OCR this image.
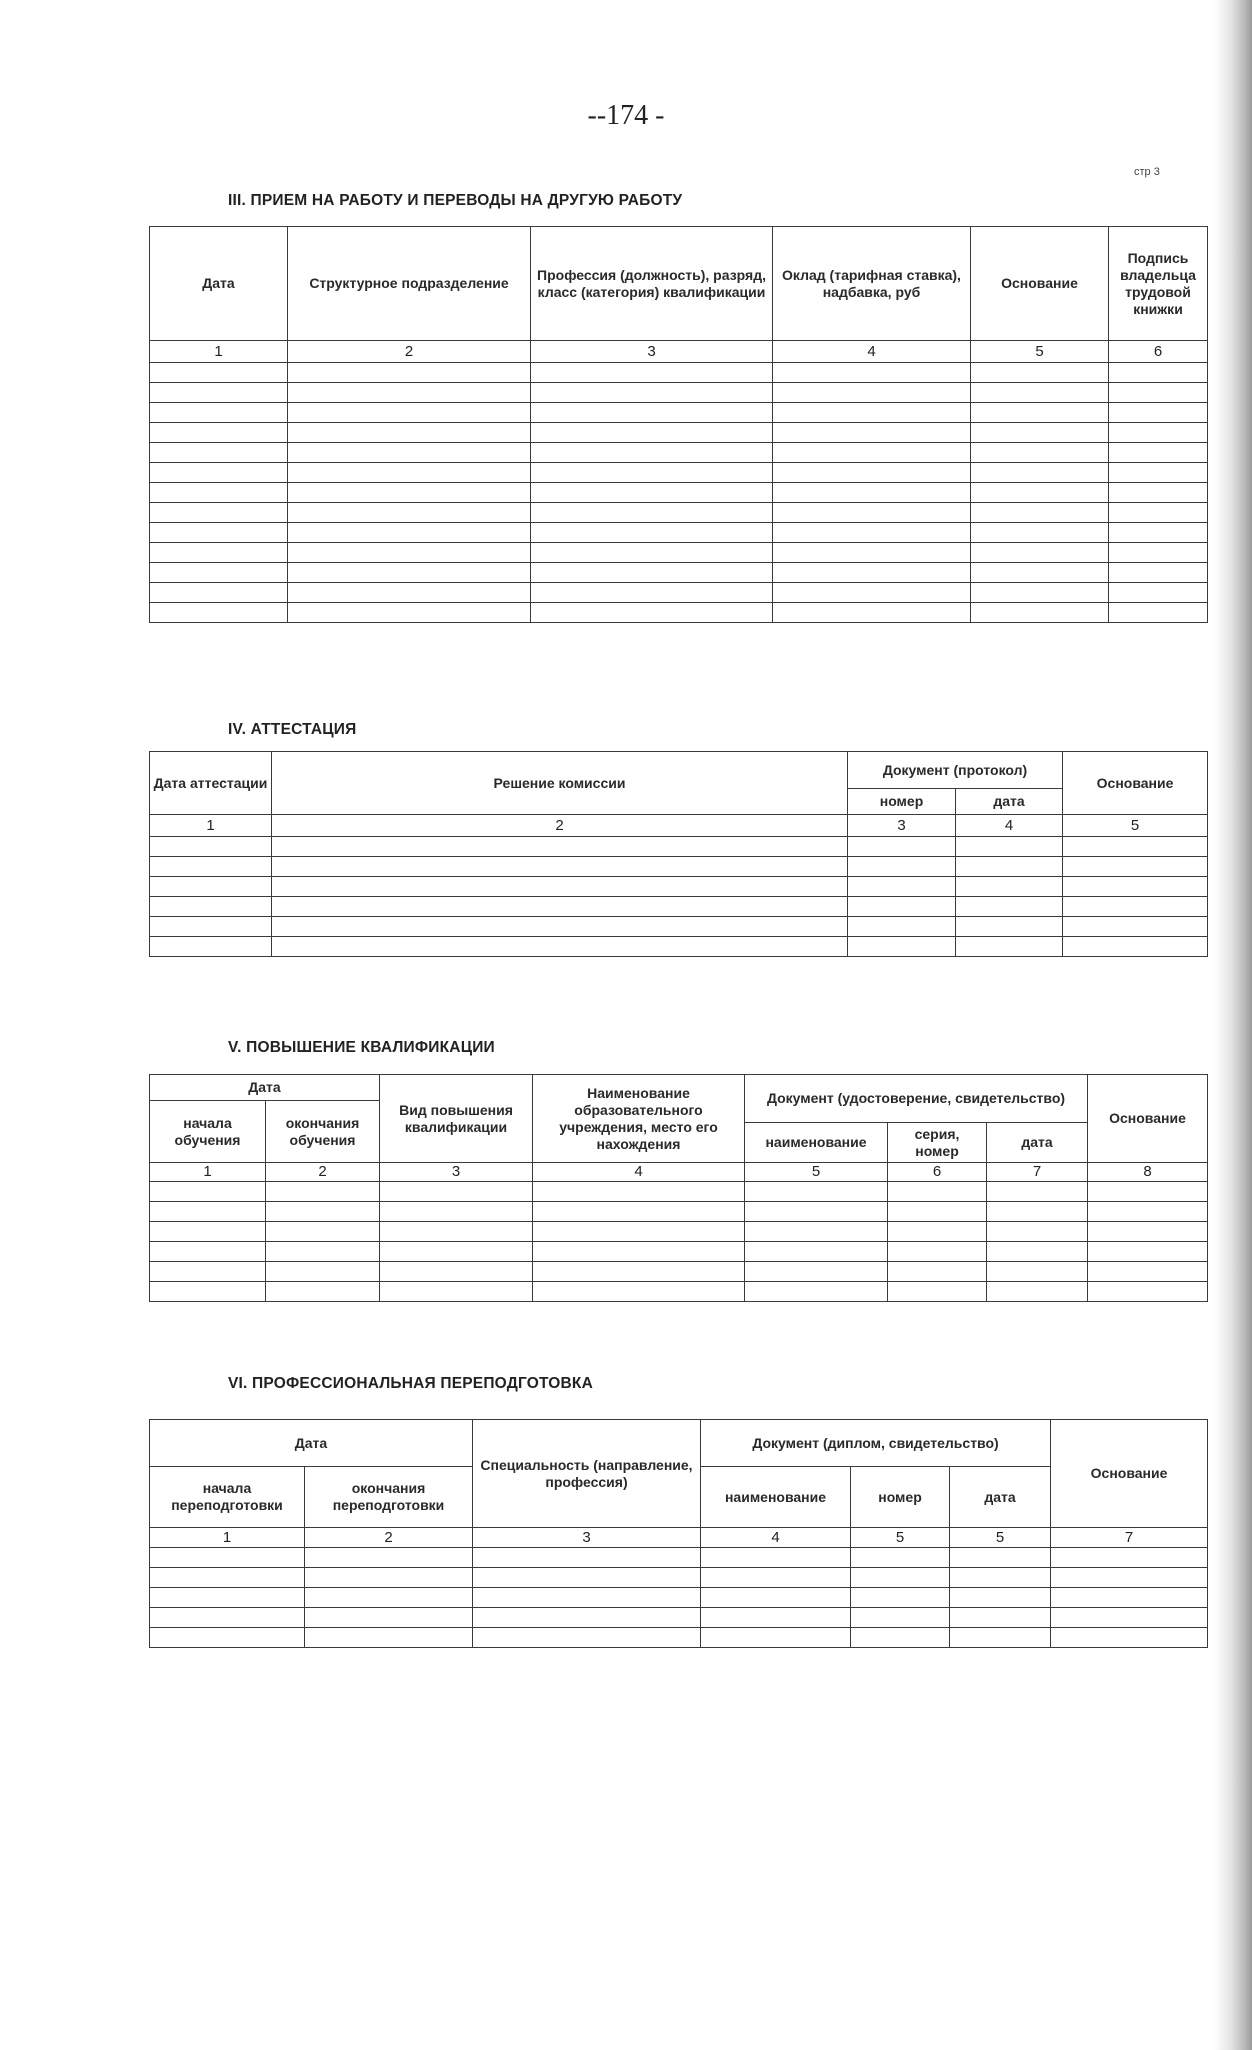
--174 -
стр 3
III. ПРИЕМ НА РАБОТУ И ПЕРЕВОДЫ НА ДРУГУЮ РАБОТУ
Дата	Структурное подразделение	Профессия (должность), разряд, класс (категория) квалификации	Оклад (тарифная ставка), надбавка, руб	Основание	Подпись владельца трудовой книжки
1	2	3	4	5	6

IV. АТТЕСТАЦИЯ
Дата аттестации	Решение комиссии	Документ (протокол)		Основание
		номер	дата	
1	2	3	4	5

V. ПОВЫШЕНИЕ КВАЛИФИКАЦИИ
Дата		Вид повышения квалификации	Наименование образовательного учреждения, место его нахождения	Документ (удостоверение, свидетельство)			Основание
начала обучения	окончания обучения						
				наименование	серия, номер	дата	
1	2	3	4	5	6	7	8

VI. ПРОФЕССИОНАЛЬНАЯ ПЕРЕПОДГОТОВКА
Дата		Специальность (направление, профессия)	Документ (диплом, свидетельство)			Основание
начала переподготовки	окончания переподготовки		наименование	номер	дата	
1	2	3	4	5	5	7
